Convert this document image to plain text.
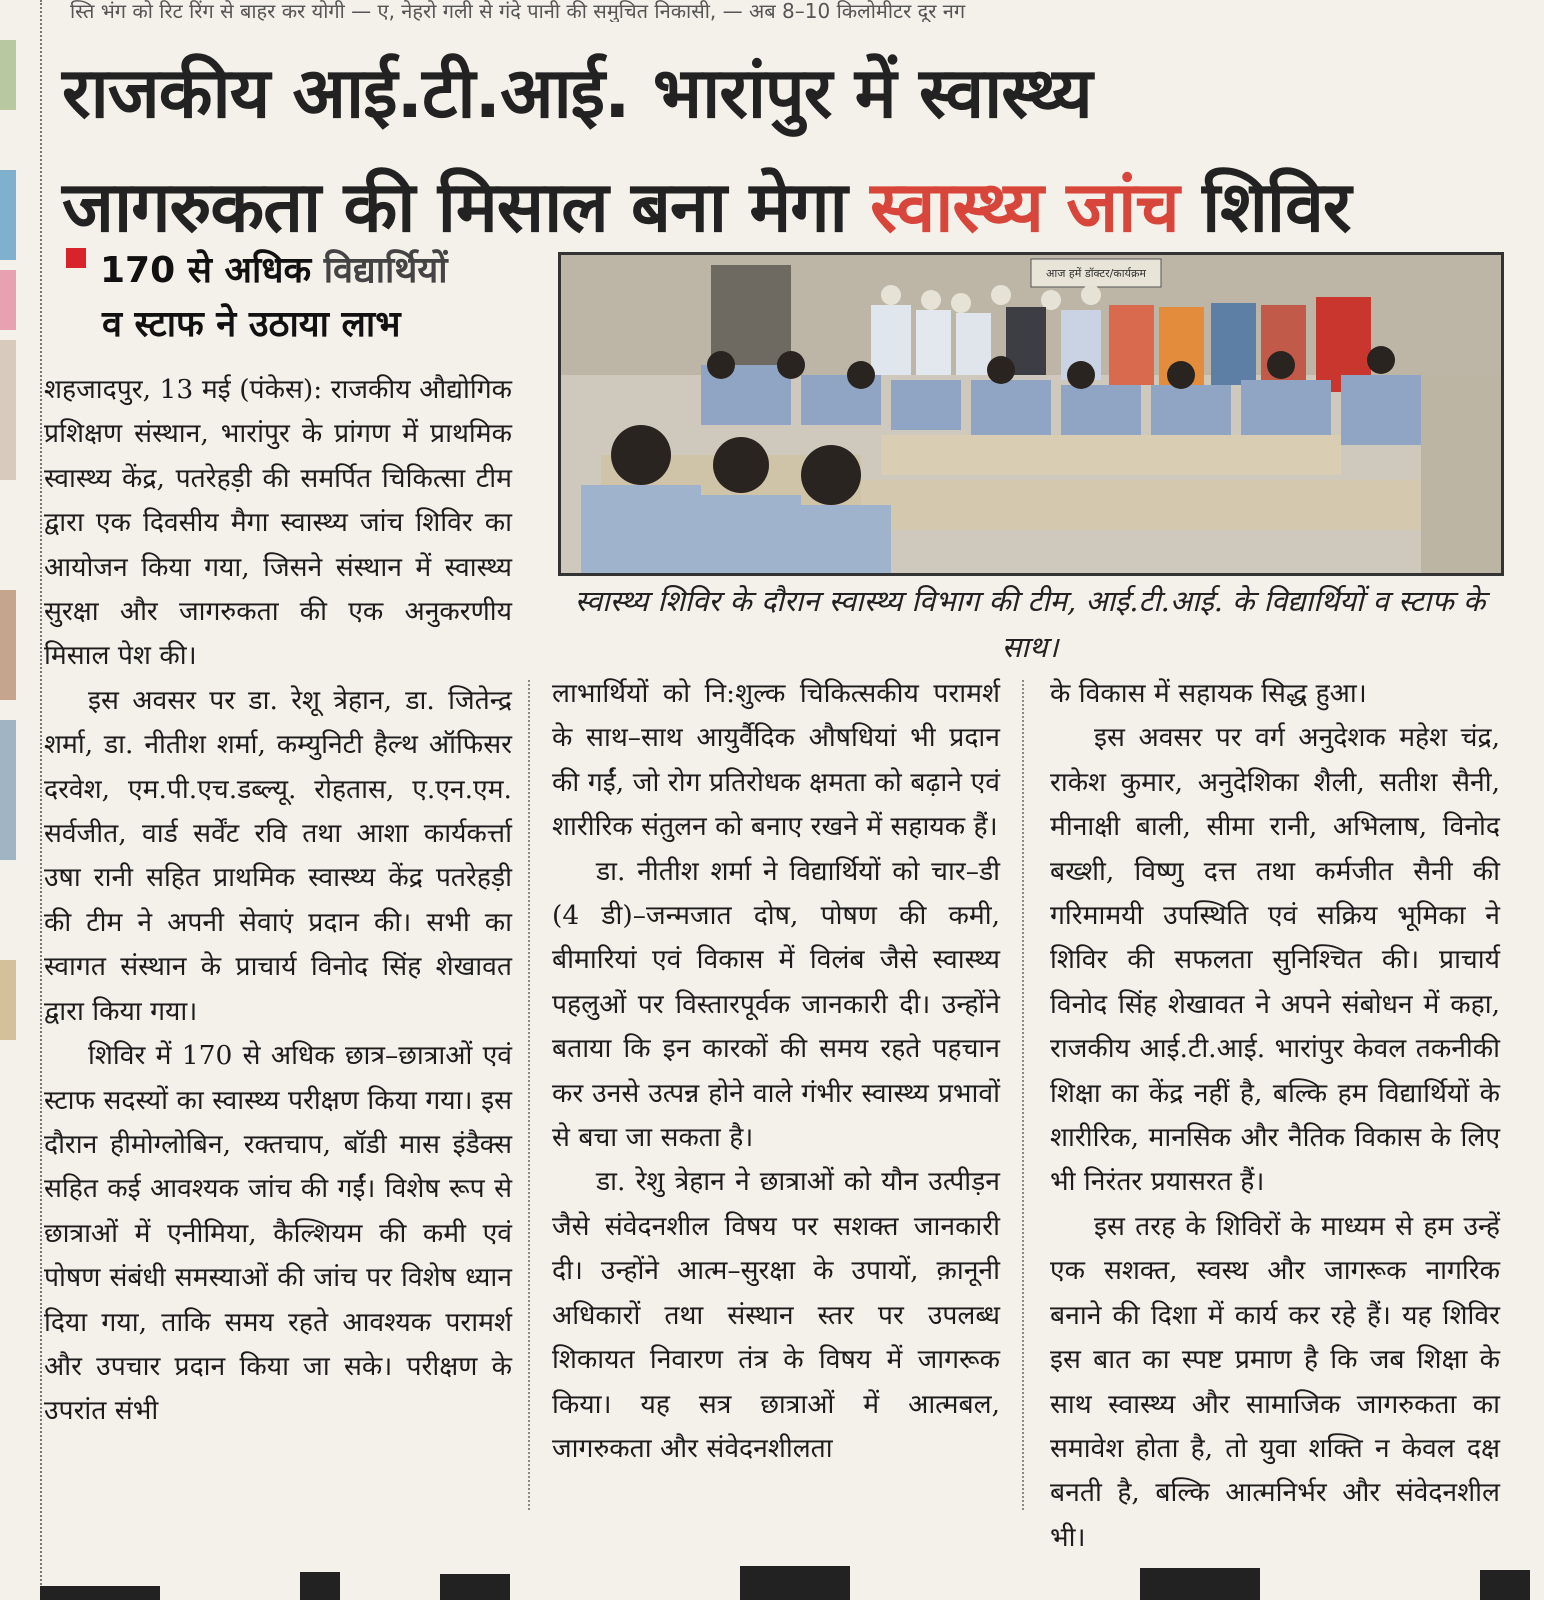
स्ति भंग को रिट रिंग से बाहर कर योगी — ए, नेहरो गली से गंदे पानी की समुचित निकासी, — अब 8–10 किलोमीटर दूर नग
राजकीय आई.टी.आई. भारांपुर में स्वास्थ्य
जागरुकता की मिसाल बना मेगा स्वास्थ्य जांच शिविर
170 से अधिक विद्यार्थियों
व स्टाफ ने उठाया लाभ
आज हमें डॉक्टर/कार्यक्रम
स्वास्थ्य शिविर के दौरान स्वास्थ्य विभाग की टीम, आई.टी.आई. के विद्यार्थियों व स्टाफ के साथ।

शहजादपुर, 13 मई (पंकेस): राजकीय औद्योगिक प्रशिक्षण संस्थान, भारांपुर के प्रांगण में प्राथमिक स्वास्थ्य केंद्र, पतरेहड़ी की समर्पित चिकित्सा टीम द्वारा एक दिवसीय मैगा स्वास्थ्य जांच शिविर का आयोजन किया गया, जिसने संस्थान में स्वास्थ्य सुरक्षा और जागरुकता की एक अनुकरणीय मिसाल पेश की।

इस अवसर पर डा. रेशू त्रेहान, डा. जितेन्द्र शर्मा, डा. नीतीश शर्मा, कम्युनिटी हैल्थ ऑफिसर दरवेश, एम.पी.एच.डब्ल्यू. रोहतास, ए.एन.एम. सर्वजीत, वार्ड सर्वेंट रवि तथा आशा कार्यकर्त्ता उषा रानी सहित प्राथमिक स्वास्थ्य केंद्र पतरेहड़ी की टीम ने अपनी सेवाएं प्रदान की। सभी का स्वागत संस्थान के प्राचार्य विनोद सिंह शेखावत द्वारा किया गया।

शिविर में 170 से अधिक छात्र–छात्राओं एवं स्टाफ सदस्यों का स्वास्थ्य परीक्षण किया गया। इस दौरान हीमोग्लोबिन, रक्तचाप, बॉडी मास इंडैक्स सहित कई आवश्यक जांच की गईं। विशेष रूप से छात्राओं में एनीमिया, कैल्शियम की कमी एवं पोषण संबंधी समस्याओं की जांच पर विशेष ध्यान दिया गया, ताकि समय रहते आवश्यक परामर्श और उपचार प्रदान किया जा सके। परीक्षण के उपरांत संभी

लाभार्थियों को नि:शुल्क चिकित्सकीय परामर्श के साथ–साथ आयुर्वैदिक औषधियां भी प्रदान की गईं, जो रोग प्रतिरोधक क्षमता को बढ़ाने एवं शारीरिक संतुलन को बनाए रखने में सहायक हैं।

डा. नीतीश शर्मा ने विद्यार्थियों को चार–डी (4 डी)–जन्मजात दोष, पोषण की कमी, बीमारियां एवं विकास में विलंब जैसे स्वास्थ्य पहलुओं पर विस्तारपूर्वक जानकारी दी। उन्होंने बताया कि इन कारकों की समय रहते पहचान कर उनसे उत्पन्न होने वाले गंभीर स्वास्थ्य प्रभावों से बचा जा सकता है।

डा. रेशु त्रेहान ने छात्राओं को यौन उत्पीड़न जैसे संवेदनशील विषय पर सशक्त जानकारी दी। उन्होंने आत्म–सुरक्षा के उपायों, क़ानूनी अधिकारों तथा संस्थान स्तर पर उपलब्ध शिकायत निवारण तंत्र के विषय में जागरूक किया। यह सत्र छात्राओं में आत्मबल, जागरुकता और संवेदनशीलता

के विकास में सहायक सिद्ध हुआ।

इस अवसर पर वर्ग अनुदेशक महेश चंद्र, राकेश कुमार, अनुदेशिका शैली, सतीश सैनी, मीनाक्षी बाली, सीमा रानी, अभिलाष, विनोद बख्शी, विष्णु दत्त तथा कर्मजीत सैनी की गरिमामयी उपस्थिति एवं सक्रिय भूमिका ने शिविर की सफलता सुनिश्चित की। प्राचार्य विनोद सिंह शेखावत ने अपने संबोधन में कहा, राजकीय आई.टी.आई. भारांपुर केवल तकनीकी शिक्षा का केंद्र नहीं है, बल्कि हम विद्यार्थियों के शारीरिक, मानसिक और नैतिक विकास के लिए भी निरंतर प्रयासरत हैं।

इस तरह के शिविरों के माध्यम से हम उन्हें एक सशक्त, स्वस्थ और जागरूक नागरिक बनाने की दिशा में कार्य कर रहे हैं। यह शिविर इस बात का स्पष्ट प्रमाण है कि जब शिक्षा के साथ स्वास्थ्य और सामाजिक जागरुकता का समावेश होता है, तो युवा शक्ति न केवल दक्ष बनती है, बल्कि आत्मनिर्भर और संवेदनशील भी।
